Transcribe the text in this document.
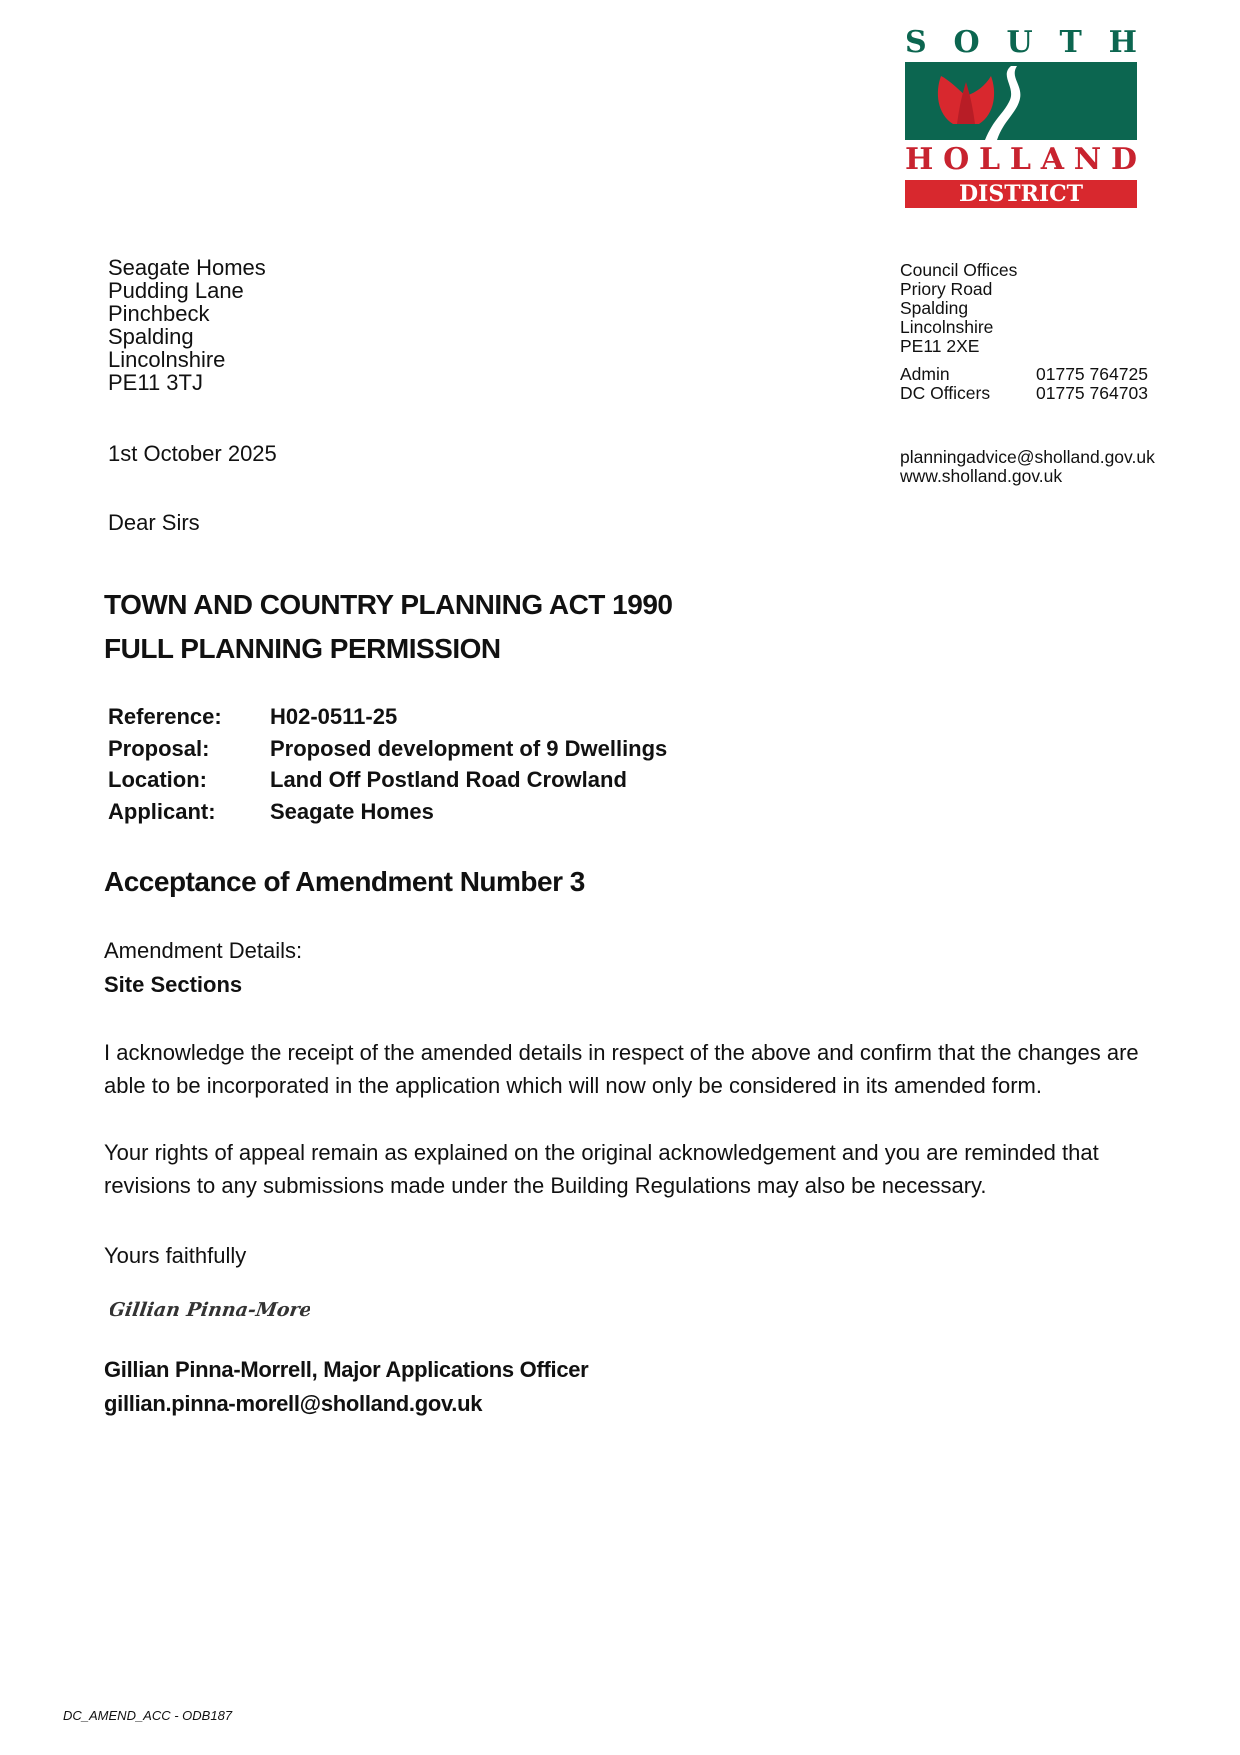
S O U T H
H O L L A N D
DISTRICT COUNCIL
Seagate Homes
Pudding Lane
Pinchbeck
Spalding
Lincolnshire
PE11 3TJ
Council Offices
Priory Road
Spalding
Lincolnshire
PE11 2XE
Admin	01775 764725
DC Officers	01775 764703
planningadvice@sholland.gov.uk
www.sholland.gov.uk
1st October 2025
Dear Sirs
TOWN AND COUNTRY PLANNING ACT 1990
FULL PLANNING PERMISSION
Reference:	H02-0511-25
Proposal:	Proposed development of 9 Dwellings
Location:	Land Off Postland Road Crowland
Applicant:	Seagate Homes
Acceptance of Amendment Number 3
Amendment Details:
Site Sections
I acknowledge the receipt of the amended details in respect of the above and confirm that the changes are able to be incorporated in the application which will now only be considered in its amended form.
Your rights of appeal remain as explained on the original acknowledgement and you are reminded that revisions to any submissions made under the Building Regulations may also be necessary.
Yours faithfully
Gillian Pinna-Morell
Gillian Pinna-Morrell, Major Applications Officer
gillian.pinna-morell@sholland.gov.uk
DC_AMEND_ACC - ODB187
